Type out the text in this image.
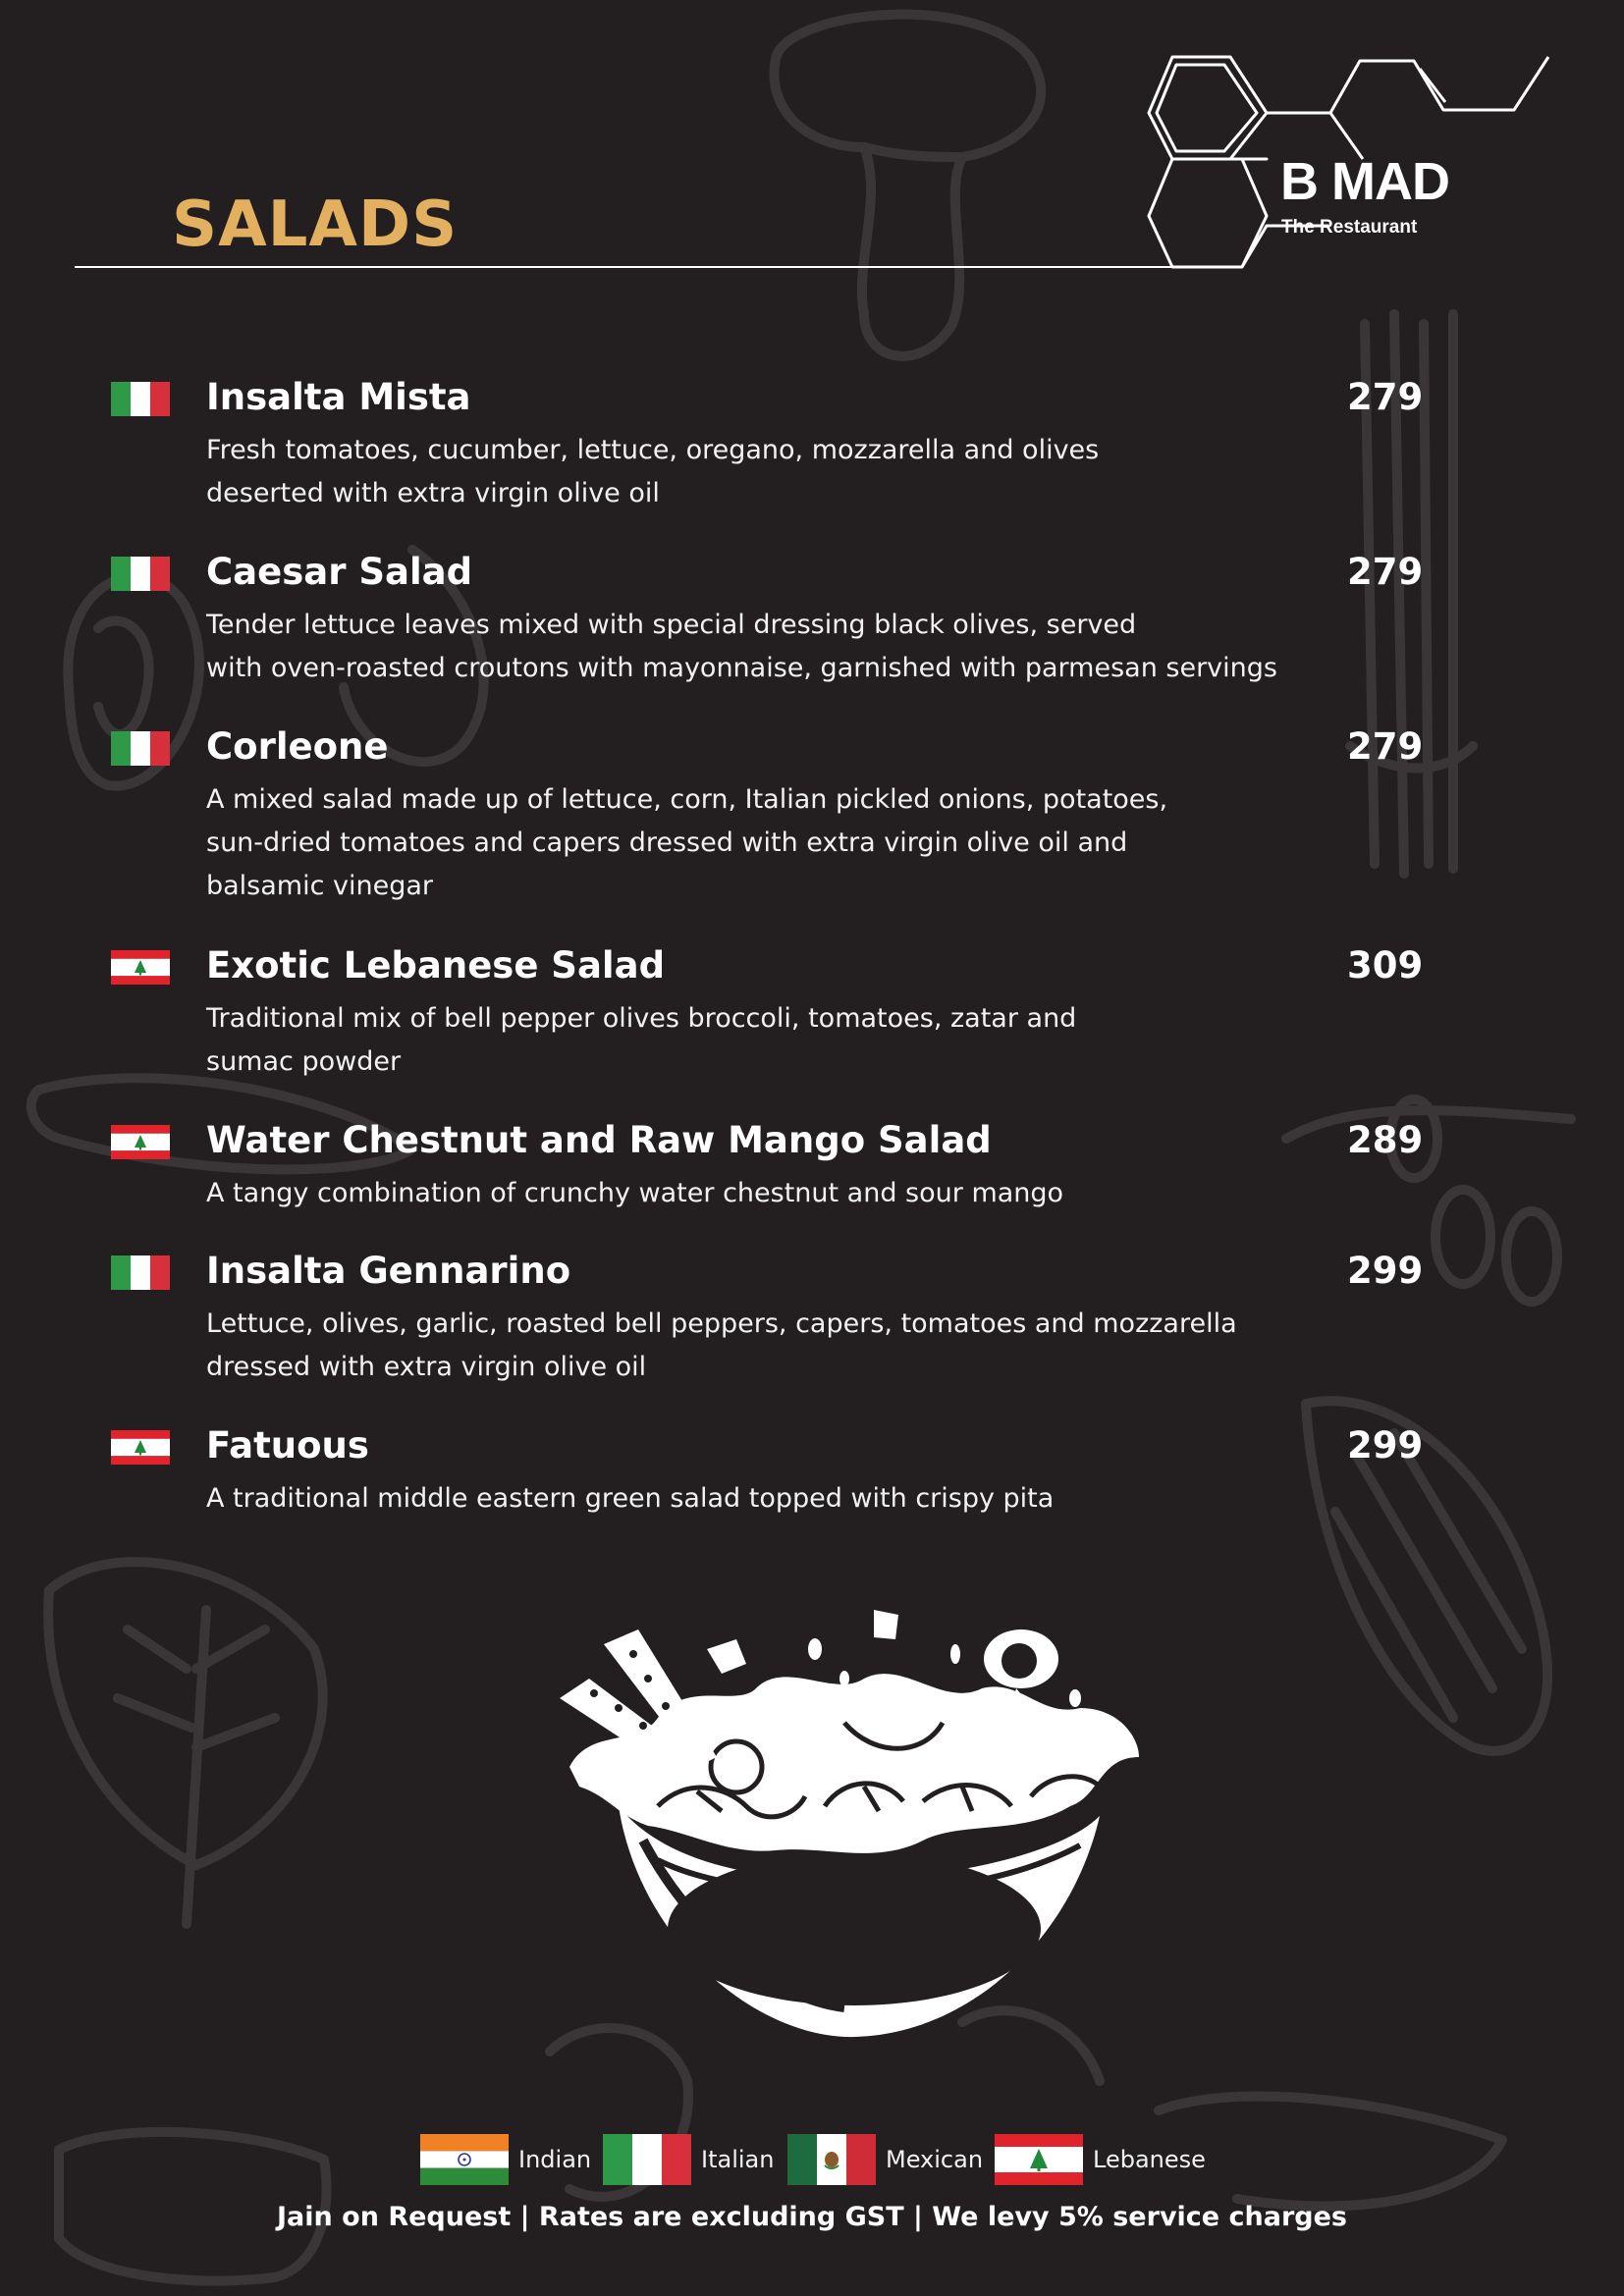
B MAD
The Restaurant
SALADS
Insalta Mista	279
Fresh tomatoes, cucumber, lettuce, oregano, mozzarella and olives
deserted with extra virgin olive oil
Caesar Salad	279
Tender lettuce leaves mixed with special dressing black olives, served
with oven-roasted croutons with mayonnaise, garnished with parmesan servings
Corleone	279
A mixed salad made up of lettuce, corn, Italian pickled onions, potatoes,
sun-dried tomatoes and capers dressed with extra virgin olive oil and
balsamic vinegar
Exotic Lebanese Salad	309
Traditional mix of bell pepper olives broccoli, tomatoes, zatar and
sumac powder
Water Chestnut and Raw Mango Salad	289
A tangy combination of crunchy water chestnut and sour mango
Insalta Gennarino	299
Lettuce, olives, garlic, roasted bell peppers, capers, tomatoes and mozzarella
dressed with extra virgin olive oil
Fatuous	299
A traditional middle eastern green salad topped with crispy pita
Indian	Italian	Mexican	Lebanese
Jain on Request | Rates are excluding GST | We levy 5% service charges
